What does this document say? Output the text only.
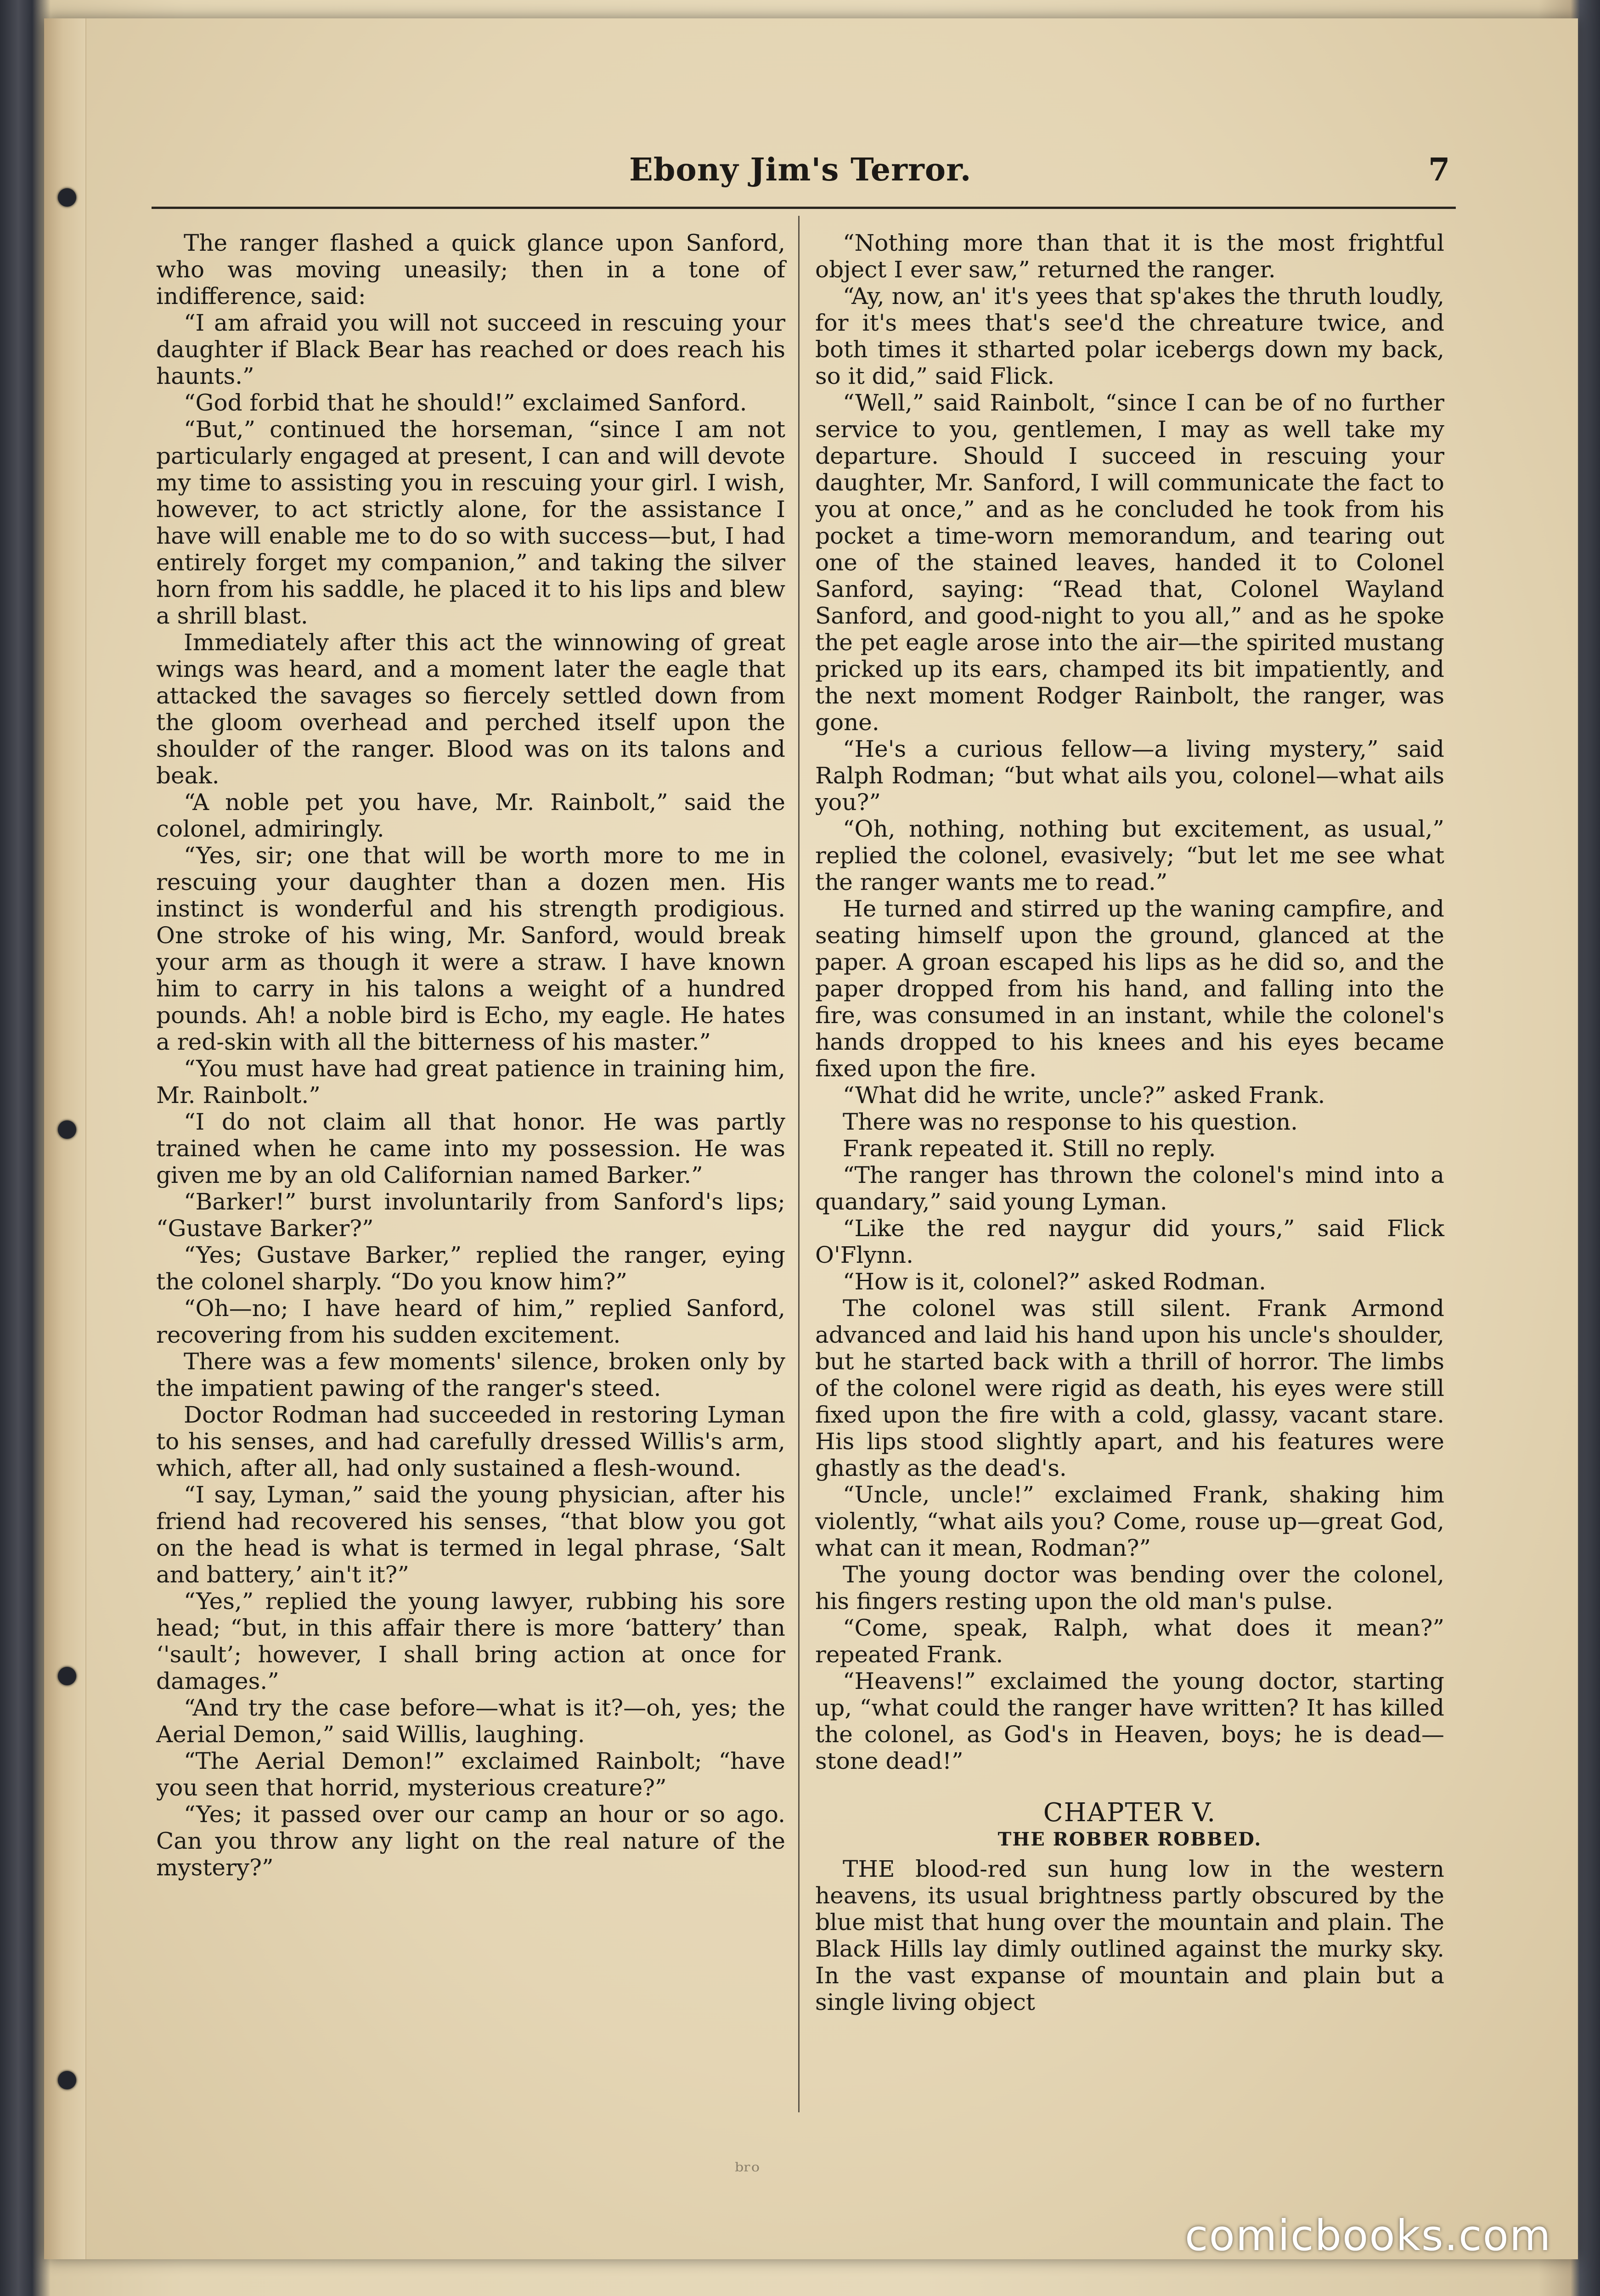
Ebony Jim's Terror.	7

The ranger flashed a quick glance upon Sanford, who was moving uneasily; then in a tone of indifference, said:

“I am afraid you will not succeed in rescuing your daughter if Black Bear has reached or does reach his haunts.”

“God forbid that he should!” exclaimed Sanford.

“But,” continued the horseman, “since I am not particularly engaged at present, I can and will devote my time to assisting you in rescuing your girl. I wish, however, to act strictly alone, for the assistance I have will enable me to do so with success—but, I had entirely forget my companion,” and taking the silver horn from his saddle, he placed it to his lips and blew a shrill blast.

Immediately after this act the winnowing of great wings was heard, and a moment later the eagle that attacked the savages so fiercely settled down from the gloom overhead and perched itself upon the shoulder of the ranger. Blood was on its talons and beak.

“A noble pet you have, Mr. Rainbolt,” said the colonel, admiringly.

“Yes, sir; one that will be worth more to me in rescuing your daughter than a dozen men. His instinct is wonderful and his strength prodigious. One stroke of his wing, Mr. Sanford, would break your arm as though it were a straw. I have known him to carry in his talons a weight of a hundred pounds. Ah! a noble bird is Echo, my eagle. He hates a red-skin with all the bitterness of his master.”

“You must have had great patience in training him, Mr. Rainbolt.”

“I do not claim all that honor. He was partly trained when he came into my possession. He was given me by an old Californian named Barker.”

“Barker!” burst involuntarily from Sanford's lips; “Gustave Barker?”

“Yes; Gustave Barker,” replied the ranger, eying the colonel sharply. “Do you know him?”

“Oh—no; I have heard of him,” replied Sanford, recovering from his sudden excitement.

There was a few moments' silence, broken only by the impatient pawing of the ranger's steed.

Doctor Rodman had succeeded in restoring Lyman to his senses, and had carefully dressed Willis's arm, which, after all, had only sustained a flesh-wound.

“I say, Lyman,” said the young physician, after his friend had recovered his senses, “that blow you got on the head is what is termed in legal phrase, ‘Salt and battery,’ ain't it?”

“Yes,” replied the young lawyer, rubbing his sore head; “but, in this affair there is more ‘battery’ than ‘'sault’; however, I shall bring action at once for damages.”

“And try the case before—what is it?—oh, yes; the Aerial Demon,” said Willis, laughing.

“The Aerial Demon!” exclaimed Rainbolt; “have you seen that horrid, mysterious creature?”

“Yes; it passed over our camp an hour or so ago. Can you throw any light on the real nature of the mystery?”

“Nothing more than that it is the most frightful object I ever saw,” returned the ranger.

“Ay, now, an' it's yees that sp'akes the thruth loudly, for it's mees that's see'd the chreature twice, and both times it stharted polar icebergs down my back, so it did,” said Flick.

“Well,” said Rainbolt, “since I can be of no further service to you, gentlemen, I may as well take my departure. Should I succeed in rescuing your daughter, Mr. Sanford, I will communicate the fact to you at once,” and as he concluded he took from his pocket a time-worn memorandum, and tearing out one of the stained leaves, handed it to Colonel Sanford, saying: “Read that, Colonel Wayland Sanford, and good-night to you all,” and as he spoke the pet eagle arose into the air—the spirited mustang pricked up its ears, champed its bit impatiently, and the next moment Rodger Rainbolt, the ranger, was gone.

“He's a curious fellow—a living mystery,” said Ralph Rodman; “but what ails you, colonel—what ails you?”

“Oh, nothing, nothing but excitement, as usual,” replied the colonel, evasively; “but let me see what the ranger wants me to read.”

He turned and stirred up the waning campfire, and seating himself upon the ground, glanced at the paper. A groan escaped his lips as he did so, and the paper dropped from his hand, and falling into the fire, was consumed in an instant, while the colonel's hands dropped to his knees and his eyes became fixed upon the fire.

“What did he write, uncle?” asked Frank.

There was no response to his question.

Frank repeated it. Still no reply.

“The ranger has thrown the colonel's mind into a quandary,” said young Lyman.

“Like the red naygur did yours,” said Flick O'Flynn.

“How is it, colonel?” asked Rodman.

The colonel was still silent. Frank Armond advanced and laid his hand upon his uncle's shoulder, but he started back with a thrill of horror. The limbs of the colonel were rigid as death, his eyes were still fixed upon the fire with a cold, glassy, vacant stare. His lips stood slightly apart, and his features were ghastly as the dead's.

“Uncle, uncle!” exclaimed Frank, shaking him violently, “what ails you? Come, rouse up—great God, what can it mean, Rodman?”

The young doctor was bending over the colonel, his fingers resting upon the old man's pulse.

“Come, speak, Ralph, what does it mean?” repeated Frank.

“Heavens!” exclaimed the young doctor, starting up, “what could the ranger have written? It has killed the colonel, as God's in Heaven, boys; he is dead—stone dead!”

CHAPTER V.

THE ROBBER ROBBED.

THE blood-red sun hung low in the western heavens, its usual brightness partly obscured by the blue mist that hung over the mountain and plain. The Black Hills lay dimly outlined against the murky sky. In the vast expanse of mountain and plain but a single living object

ᵇʳᵒ
comicbooks.com
